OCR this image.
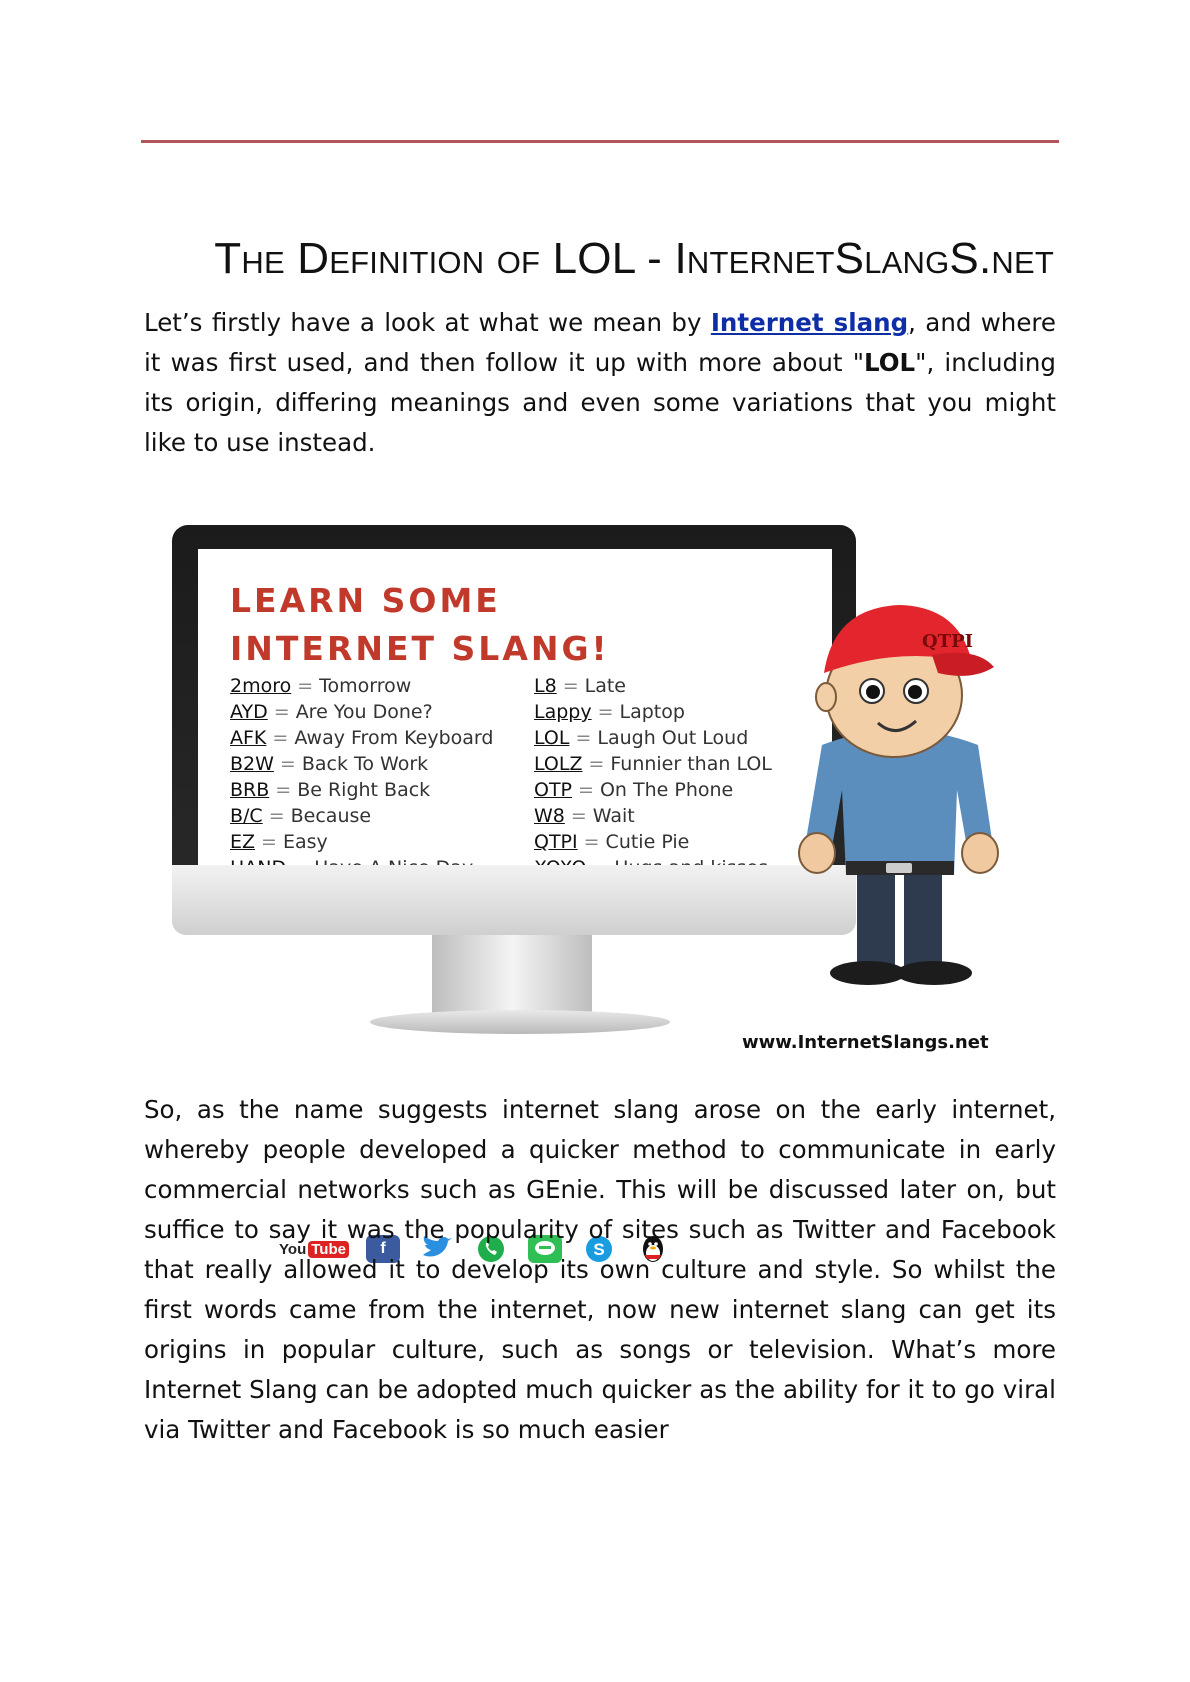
The Definition of LOL - InternetSlangS.net

Let’s firstly have a look at what we mean by Internet slang, and where it was first used, and then follow it up with more about "LOL", including its origin, differing meanings and even some variations that you might like to use instead.

LEARN SOME
INTERNET SLANG!
2moro = Tomorrow
AYD = Are You Done?
AFK = Away From Keyboard
B2W = Back To Work
BRB = Be Right Back
B/C = Because
EZ = Easy
L8 = Late
Lappy = Laptop
LOL = Laugh Out Loud
LOLZ = Funnier than LOL
OTP = On The Phone
W8 = Wait
QTPI = Cutie Pie
You Tube	f	S
QTPI
www.InternetSlangs.net

So, as the name suggests internet slang arose on the early internet, whereby people developed a quicker method to communicate in early commercial networks such as GEnie. This will be discussed later on, but suffice to say it was the popularity of sites such as Twitter and Facebook that really allowed it to develop its own culture and style. So whilst the first words came from the internet, now new internet slang can get its origins in popular culture, such as songs or television. What’s more Internet Slang can be adopted much quicker as the ability for it to go viral via Twitter and Facebook is so much easier
